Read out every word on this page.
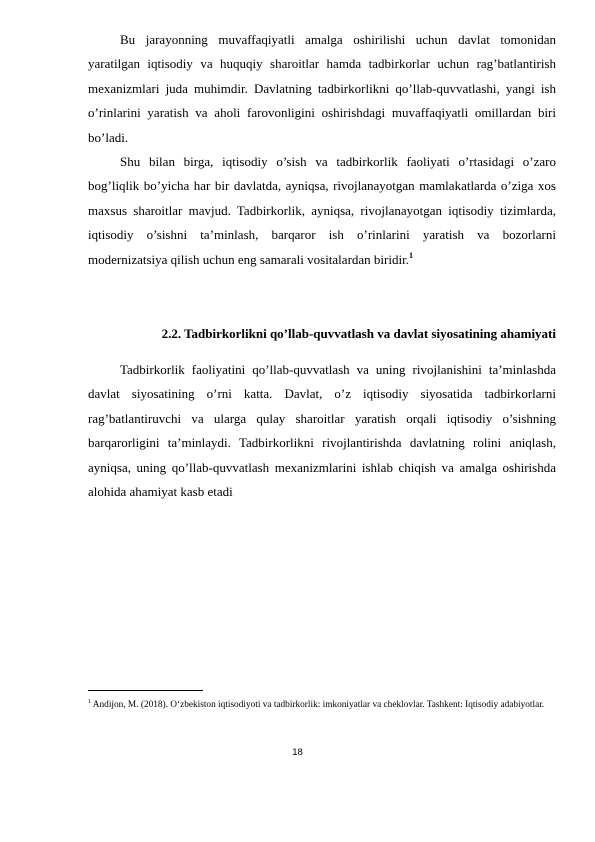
Bu jarayonning muvaffaqiyatli amalga oshirilishi uchun davlat tomonidan yaratilgan iqtisodiy va huquqiy sharoitlar hamda tadbirkorlar uchun rag’batlantirish mexanizmlari juda muhimdir. Davlatning tadbirkorlikni qo’llab-quvvatlashi, yangi ish o’rinlarini yaratish va aholi farovonligini oshirishdagi muvaffaqiyatli omillardan biri bo’ladi.

Shu bilan birga, iqtisodiy o’sish va tadbirkorlik faoliyati o’rtasidagi o’zaro bog’liqlik bo’yicha har bir davlatda, ayniqsa, rivojlanayotgan mamlakatlarda o’ziga xos maxsus sharoitlar mavjud. Tadbirkorlik, ayniqsa, rivojlanayotgan iqtisodiy tizimlarda, iqtisodiy o’sishni ta’minlash, barqaror ish o’rinlarini yaratish va bozorlarni modernizatsiya qilish uchun eng samarali vositalardan biridir.$^1$

2.2. Tadbirkorlikni qo’llab-quvvatlash va davlat siyosatining ahamiyati

Tadbirkorlik faoliyatini qo’llab-quvvatlash va uning rivojlanishini ta’minlashda davlat siyosatining o’rni katta. Davlat, o’z iqtisodiy siyosatida tadbirkorlarni rag’batlantiruvchi va ularga qulay sharoitlar yaratish orqali iqtisodiy o’sishning barqarorligini ta’minlaydi. Tadbirkorlikni rivojlantirishda davlatning rolini aniqlash, ayniqsa, uning qo’llab-quvvatlash mexanizmlarini ishlab chiqish va amalga oshirishda alohida ahamiyat kasb etadi

$^1$ Andijon, M. (2018). O‘zbekiston iqtisodiyoti va tadbirkorlik: imkoniyatlar va cheklovlar. Tashkent: Iqtisodiy adabiyotlar.

18
